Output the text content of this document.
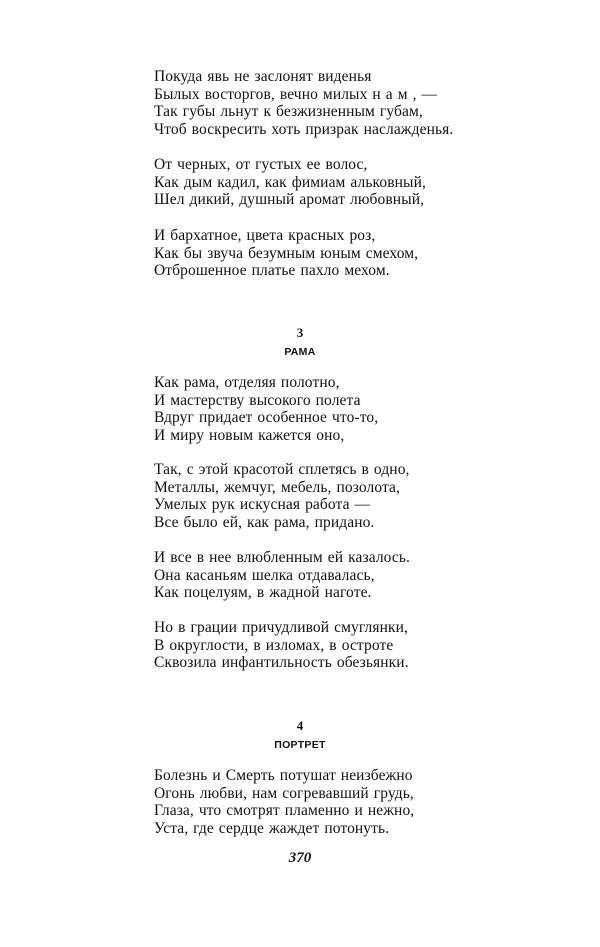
Покуда явь не заслонят виденья
Былых восторгов, вечно милых н а м , —
Так губы льнут к безжизненным губам,
Чтоб воскресить хоть призрак наслажденья.
От черных, от густых ее волос,
Как дым кадил, как фимиам альковный,
Шел дикий, душный аромат любовный,
И бархатное, цвета красных роз,
Как бы звуча безумным юным смехом,
Отброшенное платье пахло мехом.
3
РАМА
Как рама, отделяя полотно,
И мастерству высокого полета
Вдруг придает особенное что-то,
И миру новым кажется оно,
Так, с этой красотой сплетясь в одно,
Металлы, жемчуг, мебель, позолота,
Умелых рук искусная работа —
Все было ей, как рама, придано.
И все в нее влюбленным ей казалось.
Она касаньям шелка отдавалась,
Как поцелуям, в жадной наготе.
Но в грации причудливой смуглянки,
В округлости, в изломах, в остроте
Сквозила инфантильность обезьянки.
4
ПОРТРЕТ
Болезнь и Смерть потушат неизбежно
Огонь любви, нам согревавший грудь,
Глаза, что смотрят пламенно и нежно,
Уста, где сердце жаждет потонуть.
370
